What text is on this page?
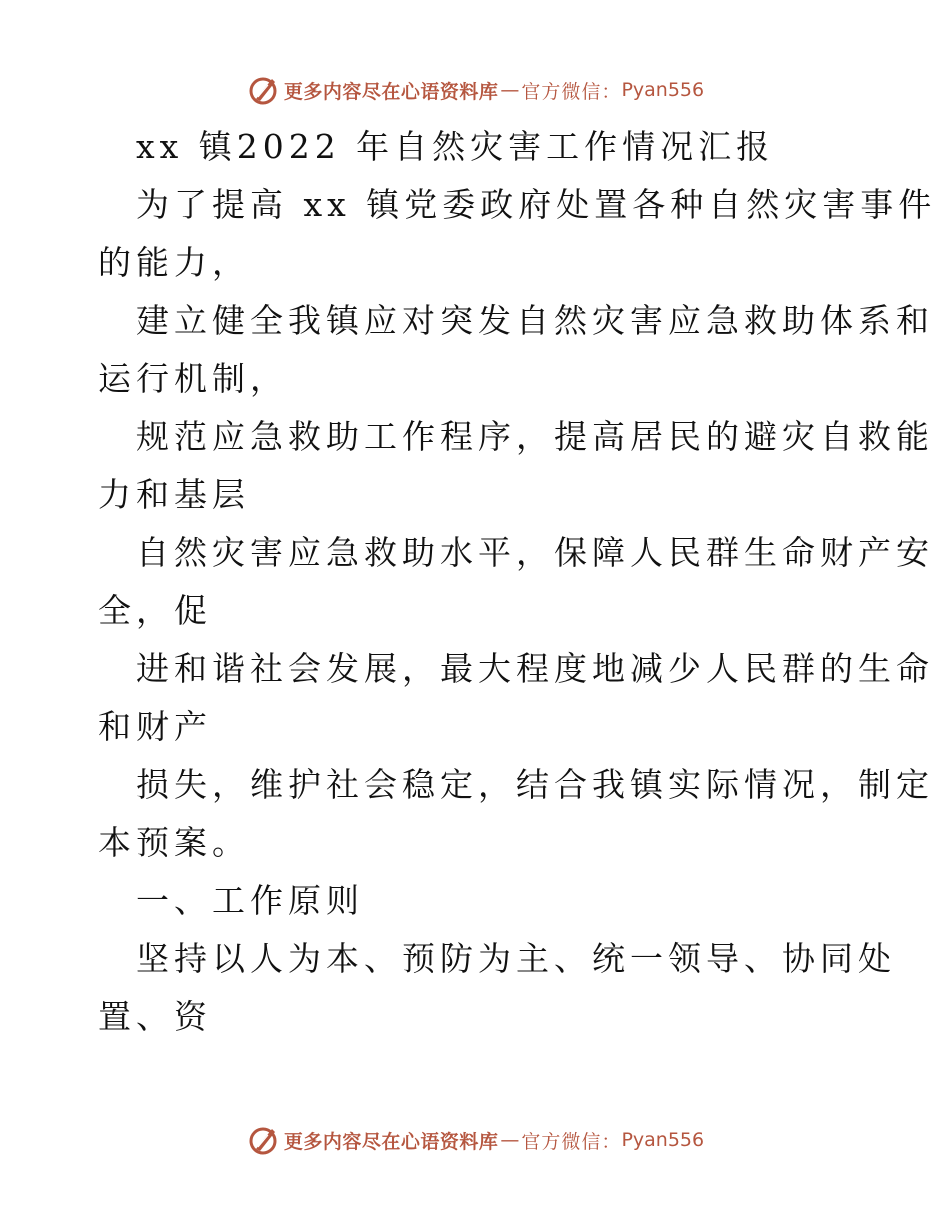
更多内容尽在心语资料库 — 官方微信： Pyan556
xx 镇2022 年自然灾害工作情况汇报
为了提高 xx 镇党委政府处置各种自然灾害事件
的能力，
建立健全我镇应对突发自然灾害应急救助体系和
运行机制，
规范应急救助工作程序，提高居民的避灾自救能
力和基层
自然灾害应急救助水平，保障人民群生命财产安
全，促
进和谐社会发展，最大程度地减少人民群的生命
和财产
损失，维护社会稳定，结合我镇实际情况，制定
本预案。
一、工作原则
坚持以人为本、预防为主、统一领导、协同处
置、资
更多内容尽在心语资料库 — 官方微信： Pyan556
